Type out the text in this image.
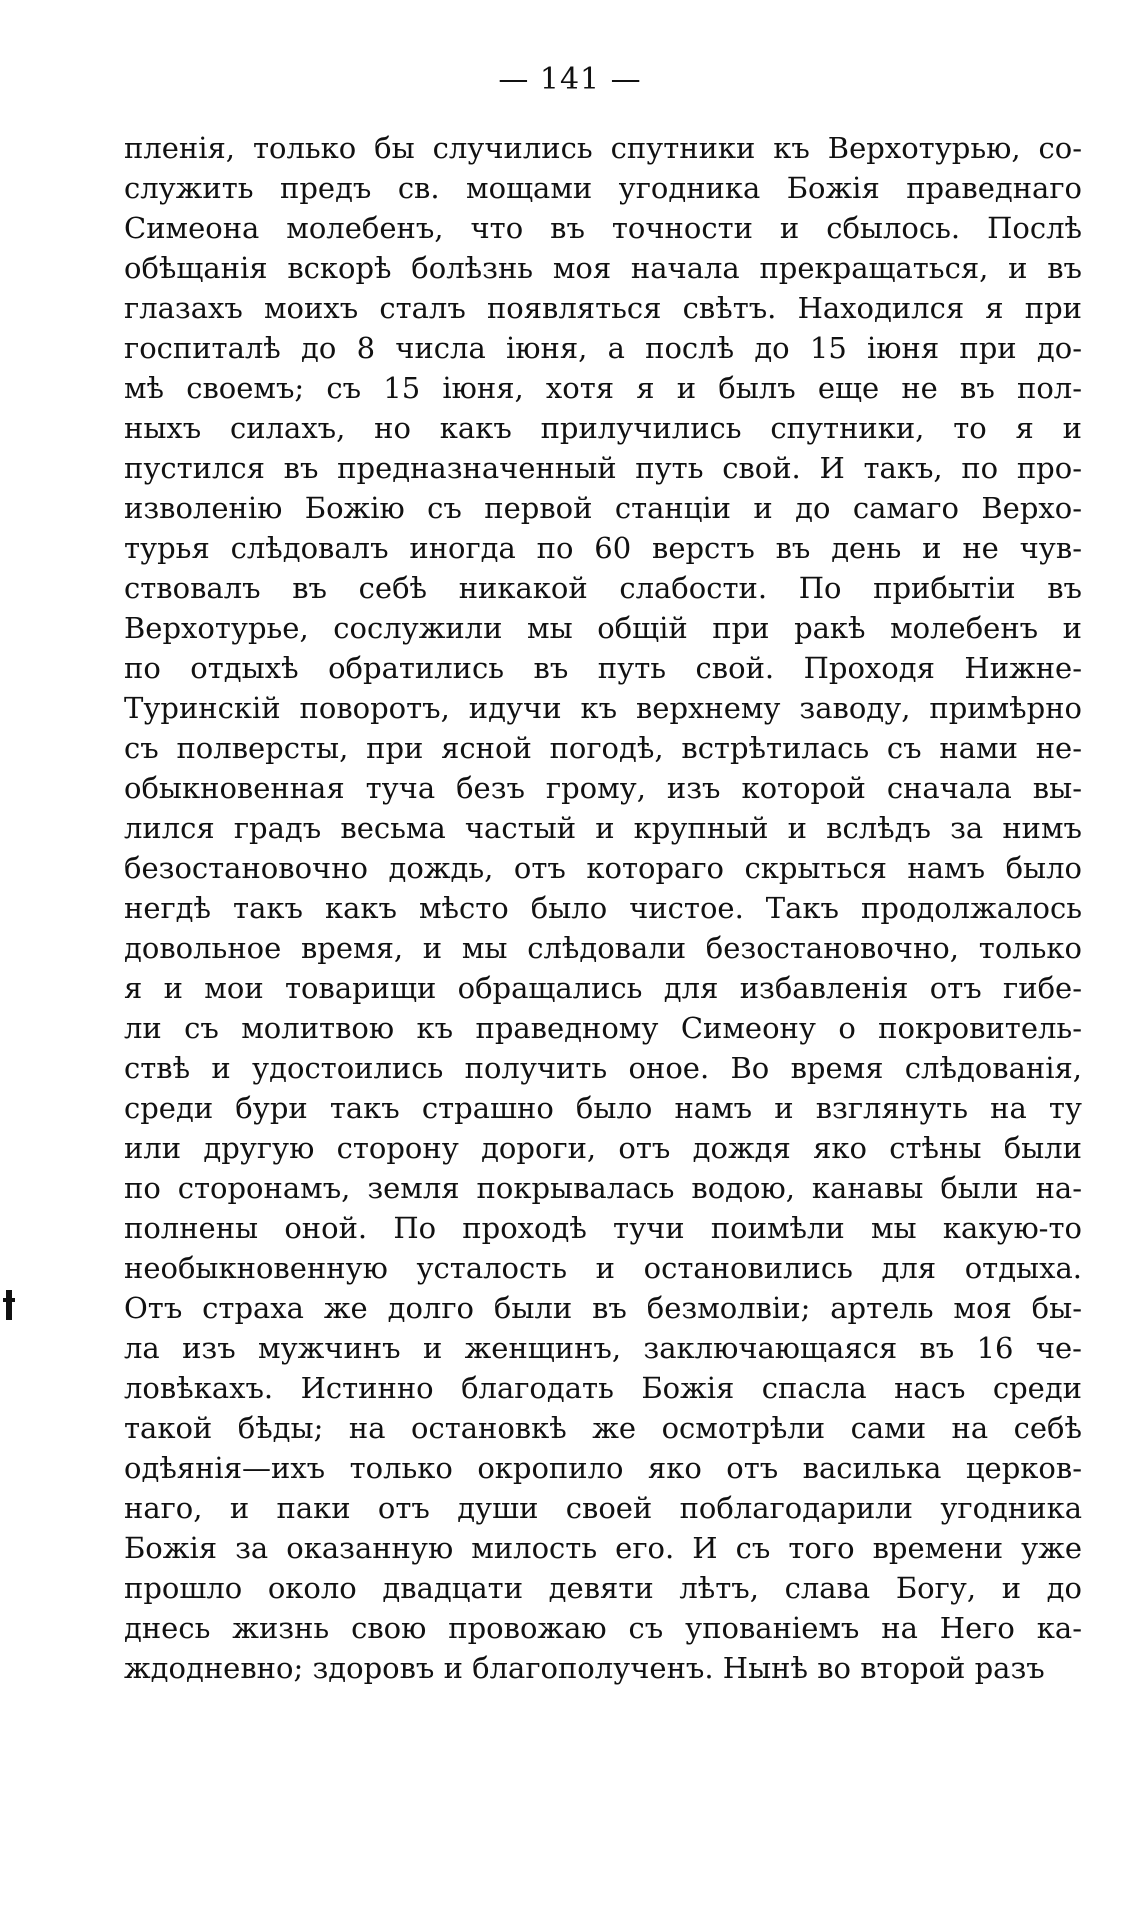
— 141 —
пленія, только бы случились спутники къ Верхотурью, со-
служить предъ св. мощами угодника Божія праведнаго
Симеона молебенъ, что въ точности и сбылось. Послѣ
обѣщанія вскорѣ болѣзнь моя начала прекращаться, и въ
глазахъ моихъ сталъ появляться свѣтъ. Находился я при
госпиталѣ до 8 числа іюня, а послѣ до 15 іюня при до-
мѣ своемъ; съ 15 іюня, хотя я и былъ еще не въ пол-
ныхъ силахъ, но какъ прилучились спутники, то я и
пустился въ предназначенный путь свой. И такъ, по про-
изволенію Божію съ первой станціи и до самаго Верхо-
турья слѣдовалъ иногда по 60 верстъ въ день и не чув-
ствовалъ въ себѣ никакой слабости. По прибытіи въ
Верхотурье, сослужили мы общій при ракѣ молебенъ и
по отдыхѣ обратились въ путь свой. Проходя Нижне-
Туринскій поворотъ, идучи къ верхнему заводу, примѣрно
съ полверсты, при ясной погодѣ, встрѣтилась съ нами не-
обыкновенная туча безъ грому, изъ которой сначала вы-
лился градъ весьма частый и крупный и вслѣдъ за нимъ
безостановочно дождь, отъ котораго скрыться намъ было
негдѣ такъ какъ мѣсто было чистое. Такъ продолжалось
довольное время, и мы слѣдовали безостановочно, только
я и мои товарищи обращались для избавленія отъ гибе-
ли съ молитвою къ праведному Симеону о покровитель-
ствѣ и удостоились получить оное. Во время слѣдованія,
среди бури такъ страшно было намъ и взглянуть на ту
или другую сторону дороги, отъ дождя яко стѣны были
по сторонамъ, земля покрывалась водою, канавы были на-
полнены оной. По проходѣ тучи поимѣли мы какую-то
необыкновенную усталость и остановились для отдыха.
Отъ страха же долго были въ безмолвіи; артель моя бы-
ла изъ мужчинъ и женщинъ, заключающаяся въ 16 че-
ловѣкахъ. Истинно благодать Божія спасла насъ среди
такой бѣды; на остановкѣ же осмотрѣли сами на себѣ
одѣянія—ихъ только окропило яко отъ василька церков-
наго, и паки отъ души своей поблагодарили угодника
Божія за оказанную милость его. И съ того времени уже
прошло около двадцати девяти лѣтъ, слава Богу, и до
днесь жизнь свою провожаю съ упованіемъ на Него ка-
ждодневно; здоровъ и благополученъ. Нынѣ во второй разъ
